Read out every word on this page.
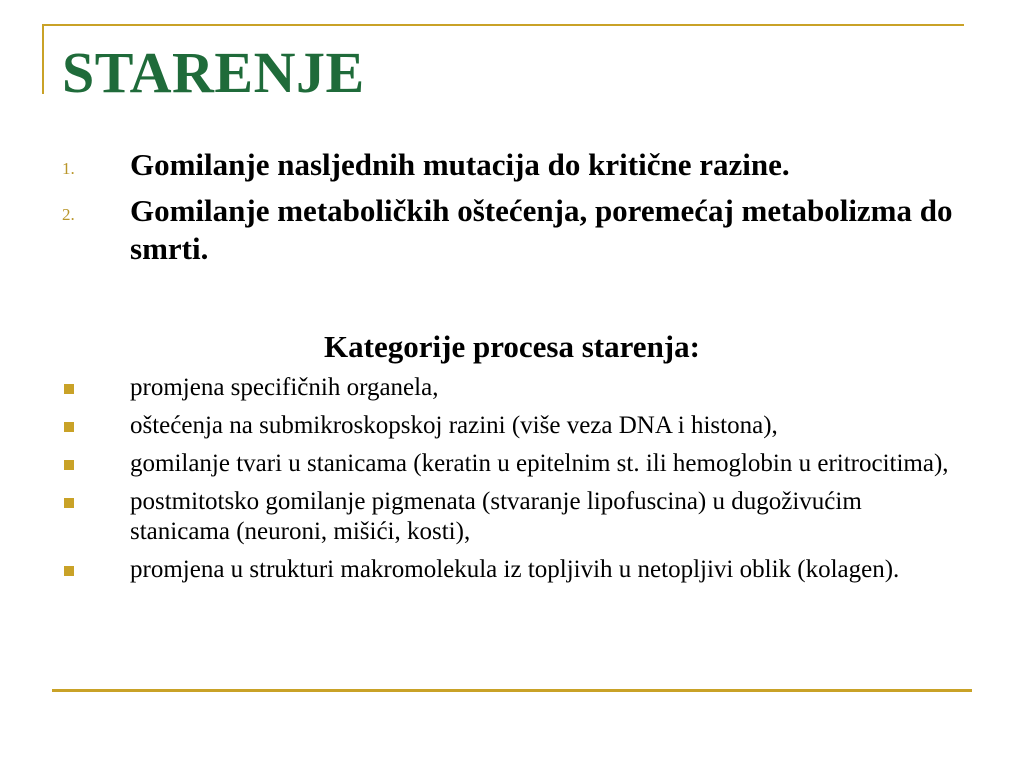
STARENJE
1. Gomilanje nasljednih mutacija do kritične razine.
2. Gomilanje metaboličkih oštećenja, poremećaj metabolizma do smrti.
Kategorije procesa starenja:
promjena specifičnih organela,
oštećenja na submikroskopskoj razini (više veza DNA i histona),
gomilanje tvari u stanicama (keratin u epitelnim st. ili hemoglobin u eritrocitima),
postmitotsko gomilanje pigmenata (stvaranje lipofuscina) u dugoživućim stanicama (neuroni, mišići, kosti),
promjena u strukturi makromolekula iz topljivih u netopljivi oblik (kolagen).
